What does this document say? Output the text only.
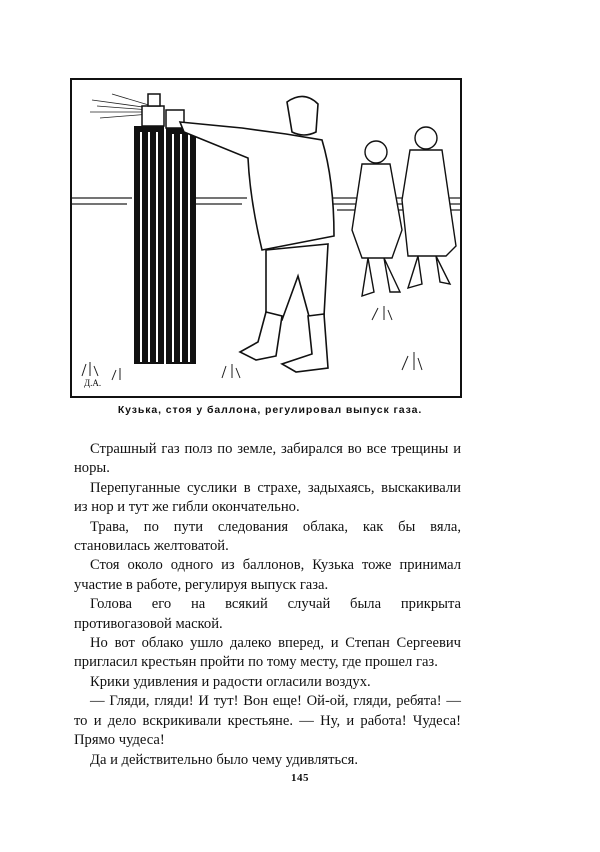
Д.А.
Кузька, стоя у баллона, регулировал выпуск газа.

Страшный газ полз по земле, забирался во все трещины и норы.

Перепуганные суслики в страхе, задыхаясь, выскакивали из нор и тут же гибли окончательно.

Трава, по пути следования облака, как бы вяла, становилась желтоватой.

Стоя около одного из баллонов, Кузька тоже принимал участие в работе, регулируя выпуск газа.

Голова его на всякий случай была прикрыта противогазовой маской.

Но вот облако ушло далеко вперед, и Степан Сергеевич пригласил крестьян пройти по тому месту, где прошел газ.

Крики удивления и радости огласили воздух.

— Гляди, гляди! И тут! Вон еще! Ой-ой, гляди, ребята! — то и дело вскрикивали крестьяне. — Ну, и работа! Чудеса! Прямо чудеса!

Да и действительно было чему удивляться.

145
